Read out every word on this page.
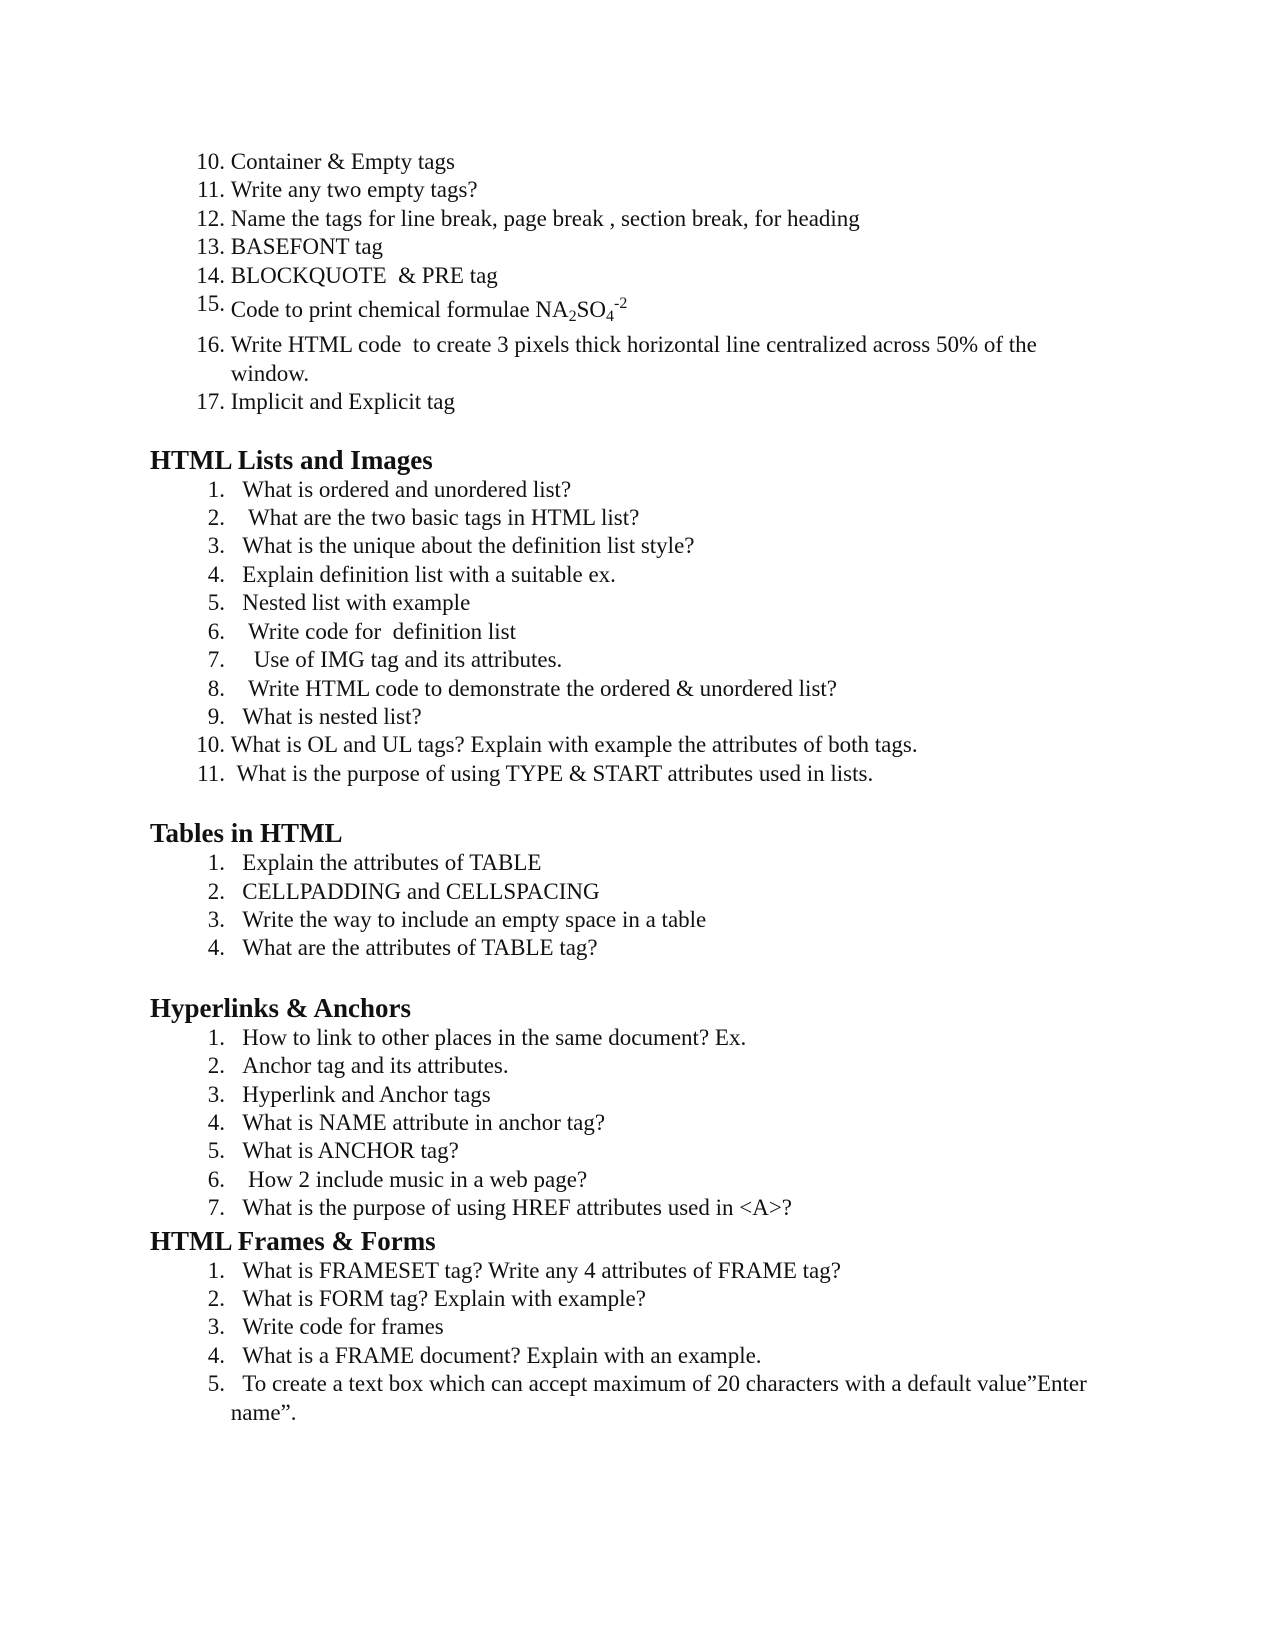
10. Container & Empty tags
11. Write any two empty tags?
12. Name the tags for line break, page break , section break, for heading
13. BASEFONT tag
14. BLOCKQUOTE  & PRE tag
15. Code to print chemical formulae $NA_2SO_4^{-2}$
16. Write HTML code  to create 3 pixels thick horizontal line centralized across 50% of the
window.
17. Implicit and Explicit tag
HTML Lists and Images
1. What is ordered and unordered list?
2. What are the two basic tags in HTML list?
3. What is the unique about the definition list style?
4. Explain definition list with a suitable ex.
5. Nested list with example
6. Write code for  definition list
7. Use of IMG tag and its attributes.
8. Write HTML code to demonstrate the ordered & unordered list?
9. What is nested list?
10. What is OL and UL tags? Explain with example the attributes of both tags.
11. What is the purpose of using TYPE & START attributes used in lists.
Tables in HTML
1. Explain the attributes of TABLE
2. CELLPADDING and CELLSPACING
3. Write the way to include an empty space in a table
4. What are the attributes of TABLE tag?
Hyperlinks & Anchors
1. How to link to other places in the same document? Ex.
2. Anchor tag and its attributes.
3. Hyperlink and Anchor tags
4. What is NAME attribute in anchor tag?
5. What is ANCHOR tag?
6. How 2 include music in a web page?
7. What is the purpose of using HREF attributes used in <A>?
HTML Frames & Forms
1. What is FRAMESET tag? Write any 4 attributes of FRAME tag?
2. What is FORM tag? Explain with example?
3. Write code for frames
4. What is a FRAME document? Explain with an example.
5. To create a text box which can accept maximum of 20 characters with a default value”Enter
name”.
